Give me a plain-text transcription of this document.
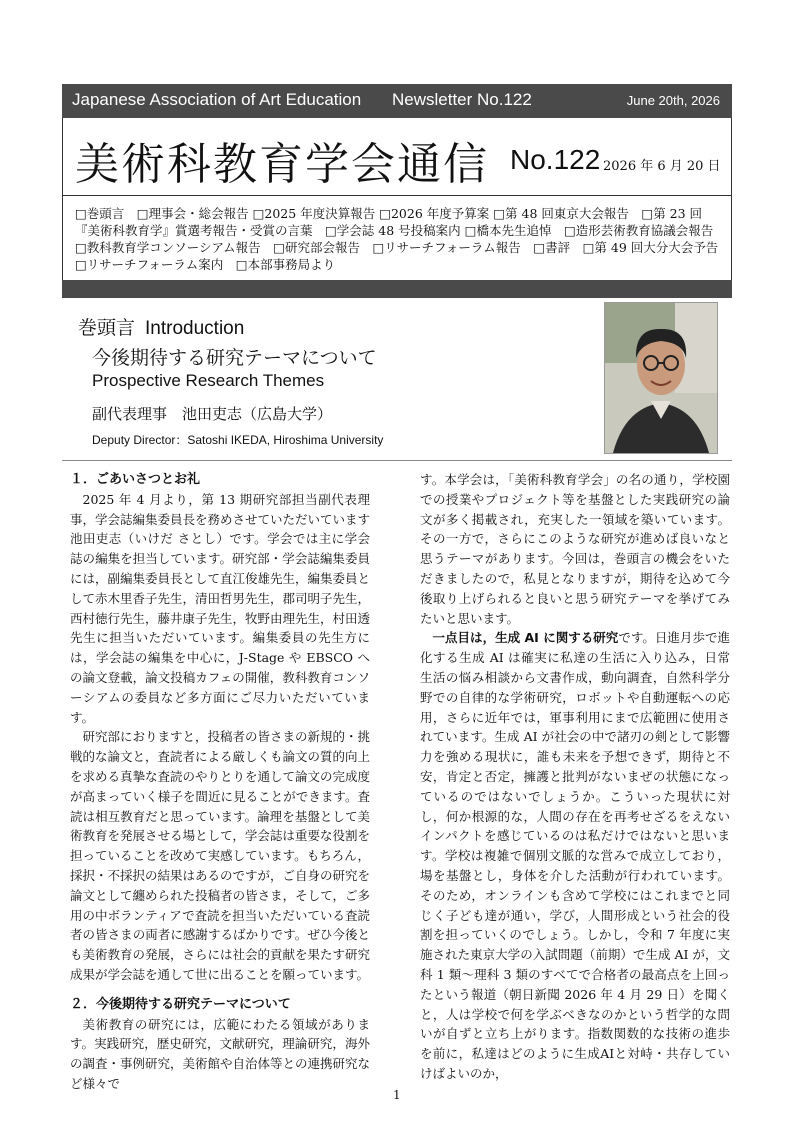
Japanese Association of Art Education Newsletter No.122	June 20th, 2026
美術科教育学会通信 No.122 2026 年 6 月 20 日

□巻頭言　□理事会・総会報告 □2025 年度決算報告 □2026 年度予算案 □第 48 回東京大会報告　□第 23 回『美術科教育学』賞選考報告・受賞の言葉　□学会誌 48 号投稿案内 □橋本先生追悼　□造形芸術教育協議会報告　□教科教育学コンソーシアム報告　□研究部会報告　□リサーチフォーラム報告　□書評　□第 49 回大分大会予告　□リサーチフォーラム案内　□本部事務局より

巻頭言 Introduction
今後期待する研究テーマについて
Prospective Research Themes
副代表理事　池田吏志（広島大学）
Deputy Director：Satoshi IKEDA, Hiroshima University
１．ごあいさつとお礼

2025 年 4 月より，第 13 期研究部担当副代表理事，学会誌編集委員長を務めさせていただいています池田吏志（いけだ さとし）です。学会では主に学会誌の編集を担当しています。研究部・学会誌編集委員には，副編集委員長として直江俊雄先生，編集委員として赤木里香子先生，清田哲男先生，郡司明子先生，西村徳行先生，藤井康子先生，牧野由理先生，村田透先生に担当いただいています。編集委員の先生方には，学会誌の編集を中心に，J-Stage や EBSCO への論文登載，論文投稿カフェの開催，教科教育コンソーシアムの委員など多方面にご尽力いただいています。

研究部におりますと，投稿者の皆さまの新規的・挑戦的な論文と，査読者による厳しくも論文の質的向上を求める真摯な査読のやりとりを通して論文の完成度が高まっていく様子を間近に見ることができます。査読は相互教育だと思っています。論理を基盤として美術教育を発展させる場として，学会誌は重要な役割を担っていることを改めて実感しています。もちろん，採択・不採択の結果はあるのですが，ご自身の研究を論文として纏められた投稿者の皆さま，そして，ご多用の中ボランティアで査読を担当いただいている査読者の皆さまの両者に感謝するばかりです。ぜひ今後とも美術教育の発展，さらには社会的貢献を果たす研究成果が学会誌を通して世に出ることを願っています。

２．今後期待する研究テーマについて

美術教育の研究には，広範にわたる領域があります。実践研究，歴史研究，文献研究，理論研究，海外の調査・事例研究，美術館や自治体等との連携研究など様々で

す。本学会は，「美術科教育学会」の名の通り，学校園での授業やプロジェクト等を基盤とした実践研究の論文が多く掲載され，充実した一領域を築いています。その一方で，さらにこのような研究が進めば良いなと思うテーマがあります。今回は，巻頭言の機会をいただきましたので，私見となりますが，期待を込めて今後取り上げられると良いと思う研究テーマを挙げてみたいと思います。

一点目は，生成 AI に関する研究です。日進月歩で進化する生成 AI は確実に私達の生活に入り込み，日常生活の悩み相談から文書作成，動向調査，自然科学分野での自律的な学術研究，ロボットや自動運転への応用，さらに近年では，軍事利用にまで広範囲に使用されています。生成 AI が社会の中で諸刃の剣として影響力を強める現状に，誰も未来を予想できず，期待と不安，肯定と否定，擁護と批判がないまぜの状態になっているのではないでしょうか。こういった現状に対し，何か根源的な，人間の存在を再考せざるをえないインパクトを感じているのは私だけではないと思います。学校は複雑で個別文脈的な営みで成立しており，場を基盤とし，身体を介した活動が行われています。そのため，オンラインも含めて学校にはこれまでと同じく子ども達が通い，学び，人間形成という社会的役割を担っていくのでしょう。しかし，令和 7 年度に実施された東京大学の入試問題（前期）で生成 AI が，文科 1 類〜理科 3 類のすべてで合格者の最高点を上回ったという報道（朝日新聞 2026 年 4 月 29 日）を聞くと，人は学校で何を学ぶべきなのかという哲学的な問いが自ずと立ち上がります。指数関数的な技術の進歩を前に，私達はどのように生成AIと対峙・共存していけばよいのか，

1
